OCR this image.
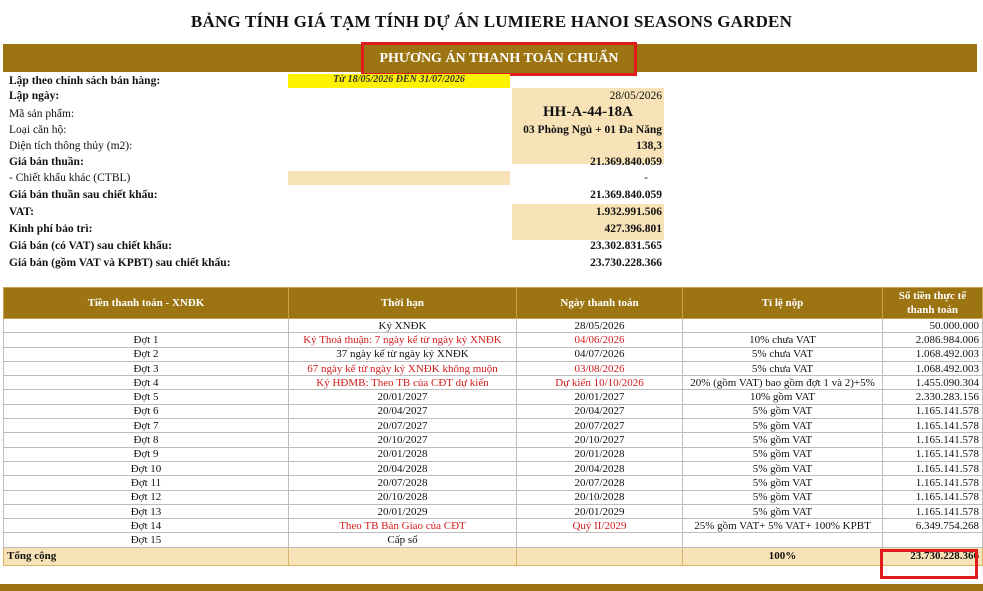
BẢNG TÍNH GIÁ TẠM TÍNH DỰ ÁN LUMIERE HANOI SEASONS GARDEN
PHƯƠNG ÁN THANH TOÁN CHUẨN
Lập theo chính sách bán hàng:	Từ 18/05/2026 ĐẾN 31/07/2026
Lập ngày:	28/05/2026
Mã sản phẩm:	HH-A-44-18A
Loại căn hộ:	03 Phòng Ngủ + 01 Đa Năng
Diện tích thông thủy (m2):	138,3
Giá bán thuần:	21.369.840.059
- Chiết khấu khác (CTBL)	-
Giá bán thuần sau chiết khấu:	21.369.840.059
VAT:	1.932.991.506
Kinh phí bảo trì:	427.396.801
Giá bán (có VAT) sau chiết khấu:	23.302.831.565
Giá bán (gồm VAT và KPBT) sau chiết khấu:	23.730.228.366
Tiền thanh toán - XNĐK	Thời hạn	Ngày thanh toán	Tỉ lệ nộp	Số tiền thực tế thanh toán
	Ký XNĐK	28/05/2026		50.000.000
Đợt 1	Ký Thoả thuận: 7 ngày kể từ ngày ký XNĐK	04/06/2026	10% chưa VAT	2.086.984.006
Đợt 2	37 ngày kể từ ngày ký XNĐK	04/07/2026	5% chưa VAT	1.068.492.003
Đợt 3	67 ngày kể từ ngày ký XNĐK không muộn	03/08/2026	5% chưa VAT	1.068.492.003
Đợt 4	Ký HĐMB: Theo TB của CĐT dự kiến	Dự kiến 10/10/2026	20% (gồm VAT) bao gồm đợt 1 và 2)+5%	1.455.090.304
Đợt 5	20/01/2027	20/01/2027	10% gồm VAT	2.330.283.156
Đợt 6	20/04/2027	20/04/2027	5% gồm VAT	1.165.141.578
Đợt 7	20/07/2027	20/07/2027	5% gồm VAT	1.165.141.578
Đợt 8	20/10/2027	20/10/2027	5% gồm VAT	1.165.141.578
Đợt 9	20/01/2028	20/01/2028	5% gồm VAT	1.165.141.578
Đợt 10	20/04/2028	20/04/2028	5% gồm VAT	1.165.141.578
Đợt 11	20/07/2028	20/07/2028	5% gồm VAT	1.165.141.578
Đợt 12	20/10/2028	20/10/2028	5% gồm VAT	1.165.141.578
Đợt 13	20/01/2029	20/01/2029	5% gồm VAT	1.165.141.578
Đợt 14	Theo TB Bàn Giao của CĐT	Quý II/2029	25% gồm VAT+ 5% VAT+ 100% KPBT	6.349.754.268
Đợt 15	Cấp sổ			
Tổng cộng			100%	23.730.228.366
